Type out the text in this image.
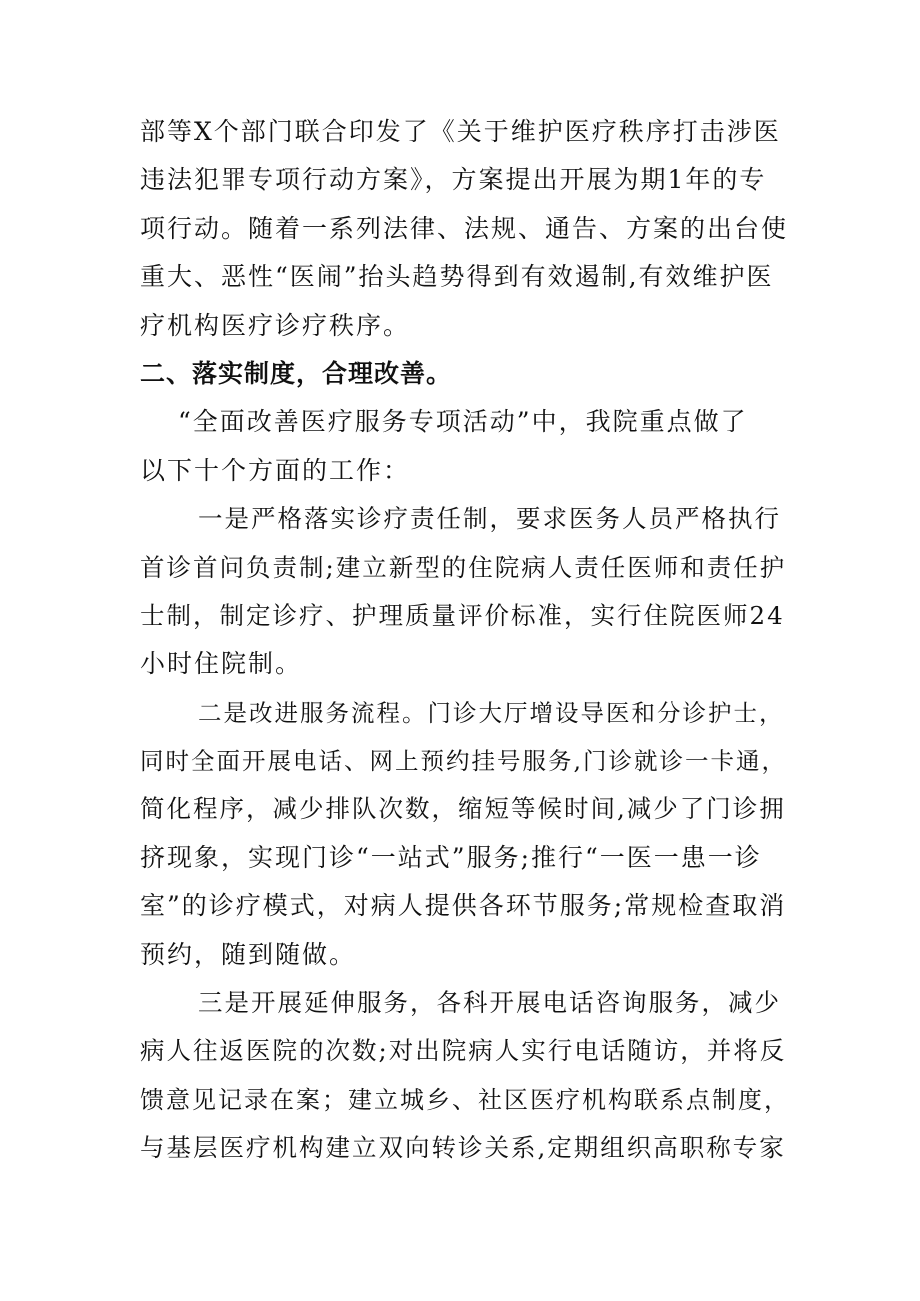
部等X个部门联合印发了《关于维护医疗秩序打击涉医
违法犯罪专项行动方案》，方案提出开展为期1年的专
项行动。随着一系列法律、法规、通告、方案的出台使
重大、恶性“医闹”抬头趋势得到有效遏制,有效维护医
疗机构医疗诊疗秩序。
二、落实制度，合理改善。
“全面改善医疗服务专项活动”中，我院重点做了
以下十个方面的工作：
一是严格落实诊疗责任制，要求医务人员严格执行
首诊首问负责制;建立新型的住院病人责任医师和责任护
士制，制定诊疗、护理质量评价标准，实行住院医师24
小时住院制。
二是改进服务流程。门诊大厅增设导医和分诊护士，
同时全面开展电话、网上预约挂号服务,门诊就诊一卡通，
简化程序，减少排队次数，缩短等候时间,减少了门诊拥
挤现象，实现门诊“一站式”服务;推行“一医一患一诊
室”的诊疗模式，对病人提供各环节服务;常规检查取消
预约，随到随做。
三是开展延伸服务，各科开展电话咨询服务，减少
病人往返医院的次数;对出院病人实行电话随访，并将反
馈意见记录在案；建立城乡、社区医疗机构联系点制度，
与基层医疗机构建立双向转诊关系,定期组织高职称专家
